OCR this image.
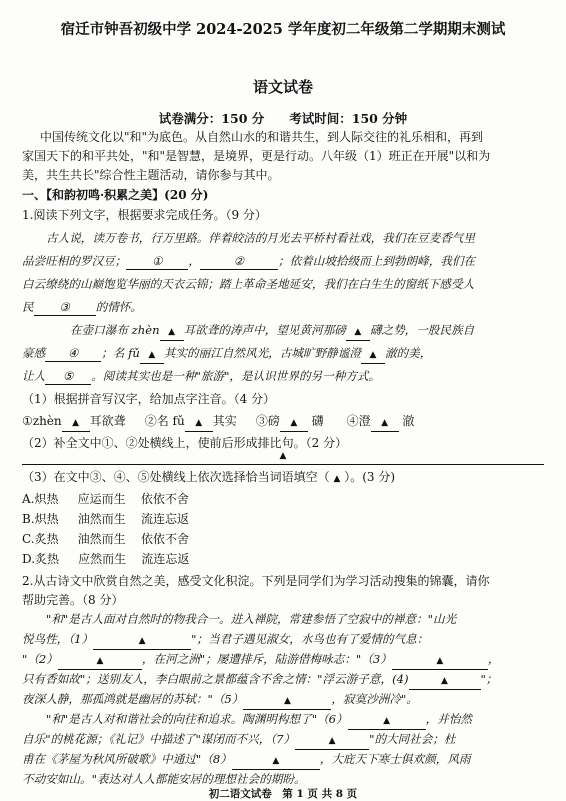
宿迁市钟吾初级中学 2024-2025 学年度初二年级第二学期期末测试
语文试卷
试卷满分：150 分　　考试时间：150 分钟
中国传统文化以"和"为底色。从自然山水的和谐共生，到人际交往的礼乐相和，再到
家国天下的和平共处，"和"是智慧，是境界，更是行动。八年级（1）班正在开展"以和为
美，共生共长"综合性主题活动，请你参与其中。
一、【和韵初鸣·积累之美】(20 分)
1.阅读下列文字，根据要求完成任务。（9 分）
古人说，读万卷书，行万里路。伴着皎洁的月光去平桥村看社戏，我们在豆麦香气里
品尝旺相的罗汉豆； ① ，	②	；依着山坡拾级而上到勃朗峰，我们在
白云缭绕的山巅饱览华丽的天衣云锦；踏上革命圣地延安，我们在白生生的窗纸下感受人
民 ③ 的情怀。
在壶口瀑布 zhèn ▲ 耳欲聋的涛声中，望见黄河那磅 ▲ 礴之势，一股民族自
豪感 ④ ；名 fǔ ▲ 其实的丽江自然风光，古城旷野静谧澄 ▲ 澈的美，
让人 ⑤ 。阅读其实也是一种"旅游"，是认识世界的另一种方式。
（1）根据拼音写汉字，给加点字注音。（4 分）
①zhèn ▲ 耳欲聋 ②名 fǔ ▲ 其实 ③磅 ▲ 礴 ④澄 ▲ 澈
（2）补全文中①、②处横线上，使前后形成排比句。（2 分）
▲
（3）在文中③、④、⑤处横线上依次选择恰当词语填空（ ▲ ）。(3 分)
A.炽热 应运而生 依依不舍
B.炽热 油然而生 流连忘返
C.炙热 油然而生 依依不舍
D.炙热 应然而生 流连忘返
2.从古诗文中欣赏自然之美，感受文化积淀。下列是同学们为学习活动搜集的锦囊，请你
帮助完善。（8 分）
"和"是古人面对自然时的物我合一。进入禅院，常建参悟了空寂中的禅意："山光
悦鸟性，（1）	▲	"；当君子遇见淑女，水鸟也有了爱情的气息：
"（2）	▲	，在河之洲"；屡遭排斥，陆游借梅咏志："（3）	▲	，
只有香如故"；送别友人，李白眼前之景都蕴含不舍之情："浮云游子意，(4)	▲	"；
夜深人静，那孤鸿就是幽居的苏轼："（5）	▲	，寂寞沙洲冷"。
"和"是古人对和谐社会的向往和追求。陶渊明构想了"（6）	▲	，并怡然
自乐"的桃花源；《礼记》中描述了"谋闭而不兴，（7）	▲	"的大同社会；杜
甫在《茅屋为秋风所破歌》中通过"（8）	▲	，大庇天下寒士俱欢颜，风雨
不动安如山。"表达对人人都能安居的理想社会的期盼。
初二语文试卷　第 1 页 共 8 页
